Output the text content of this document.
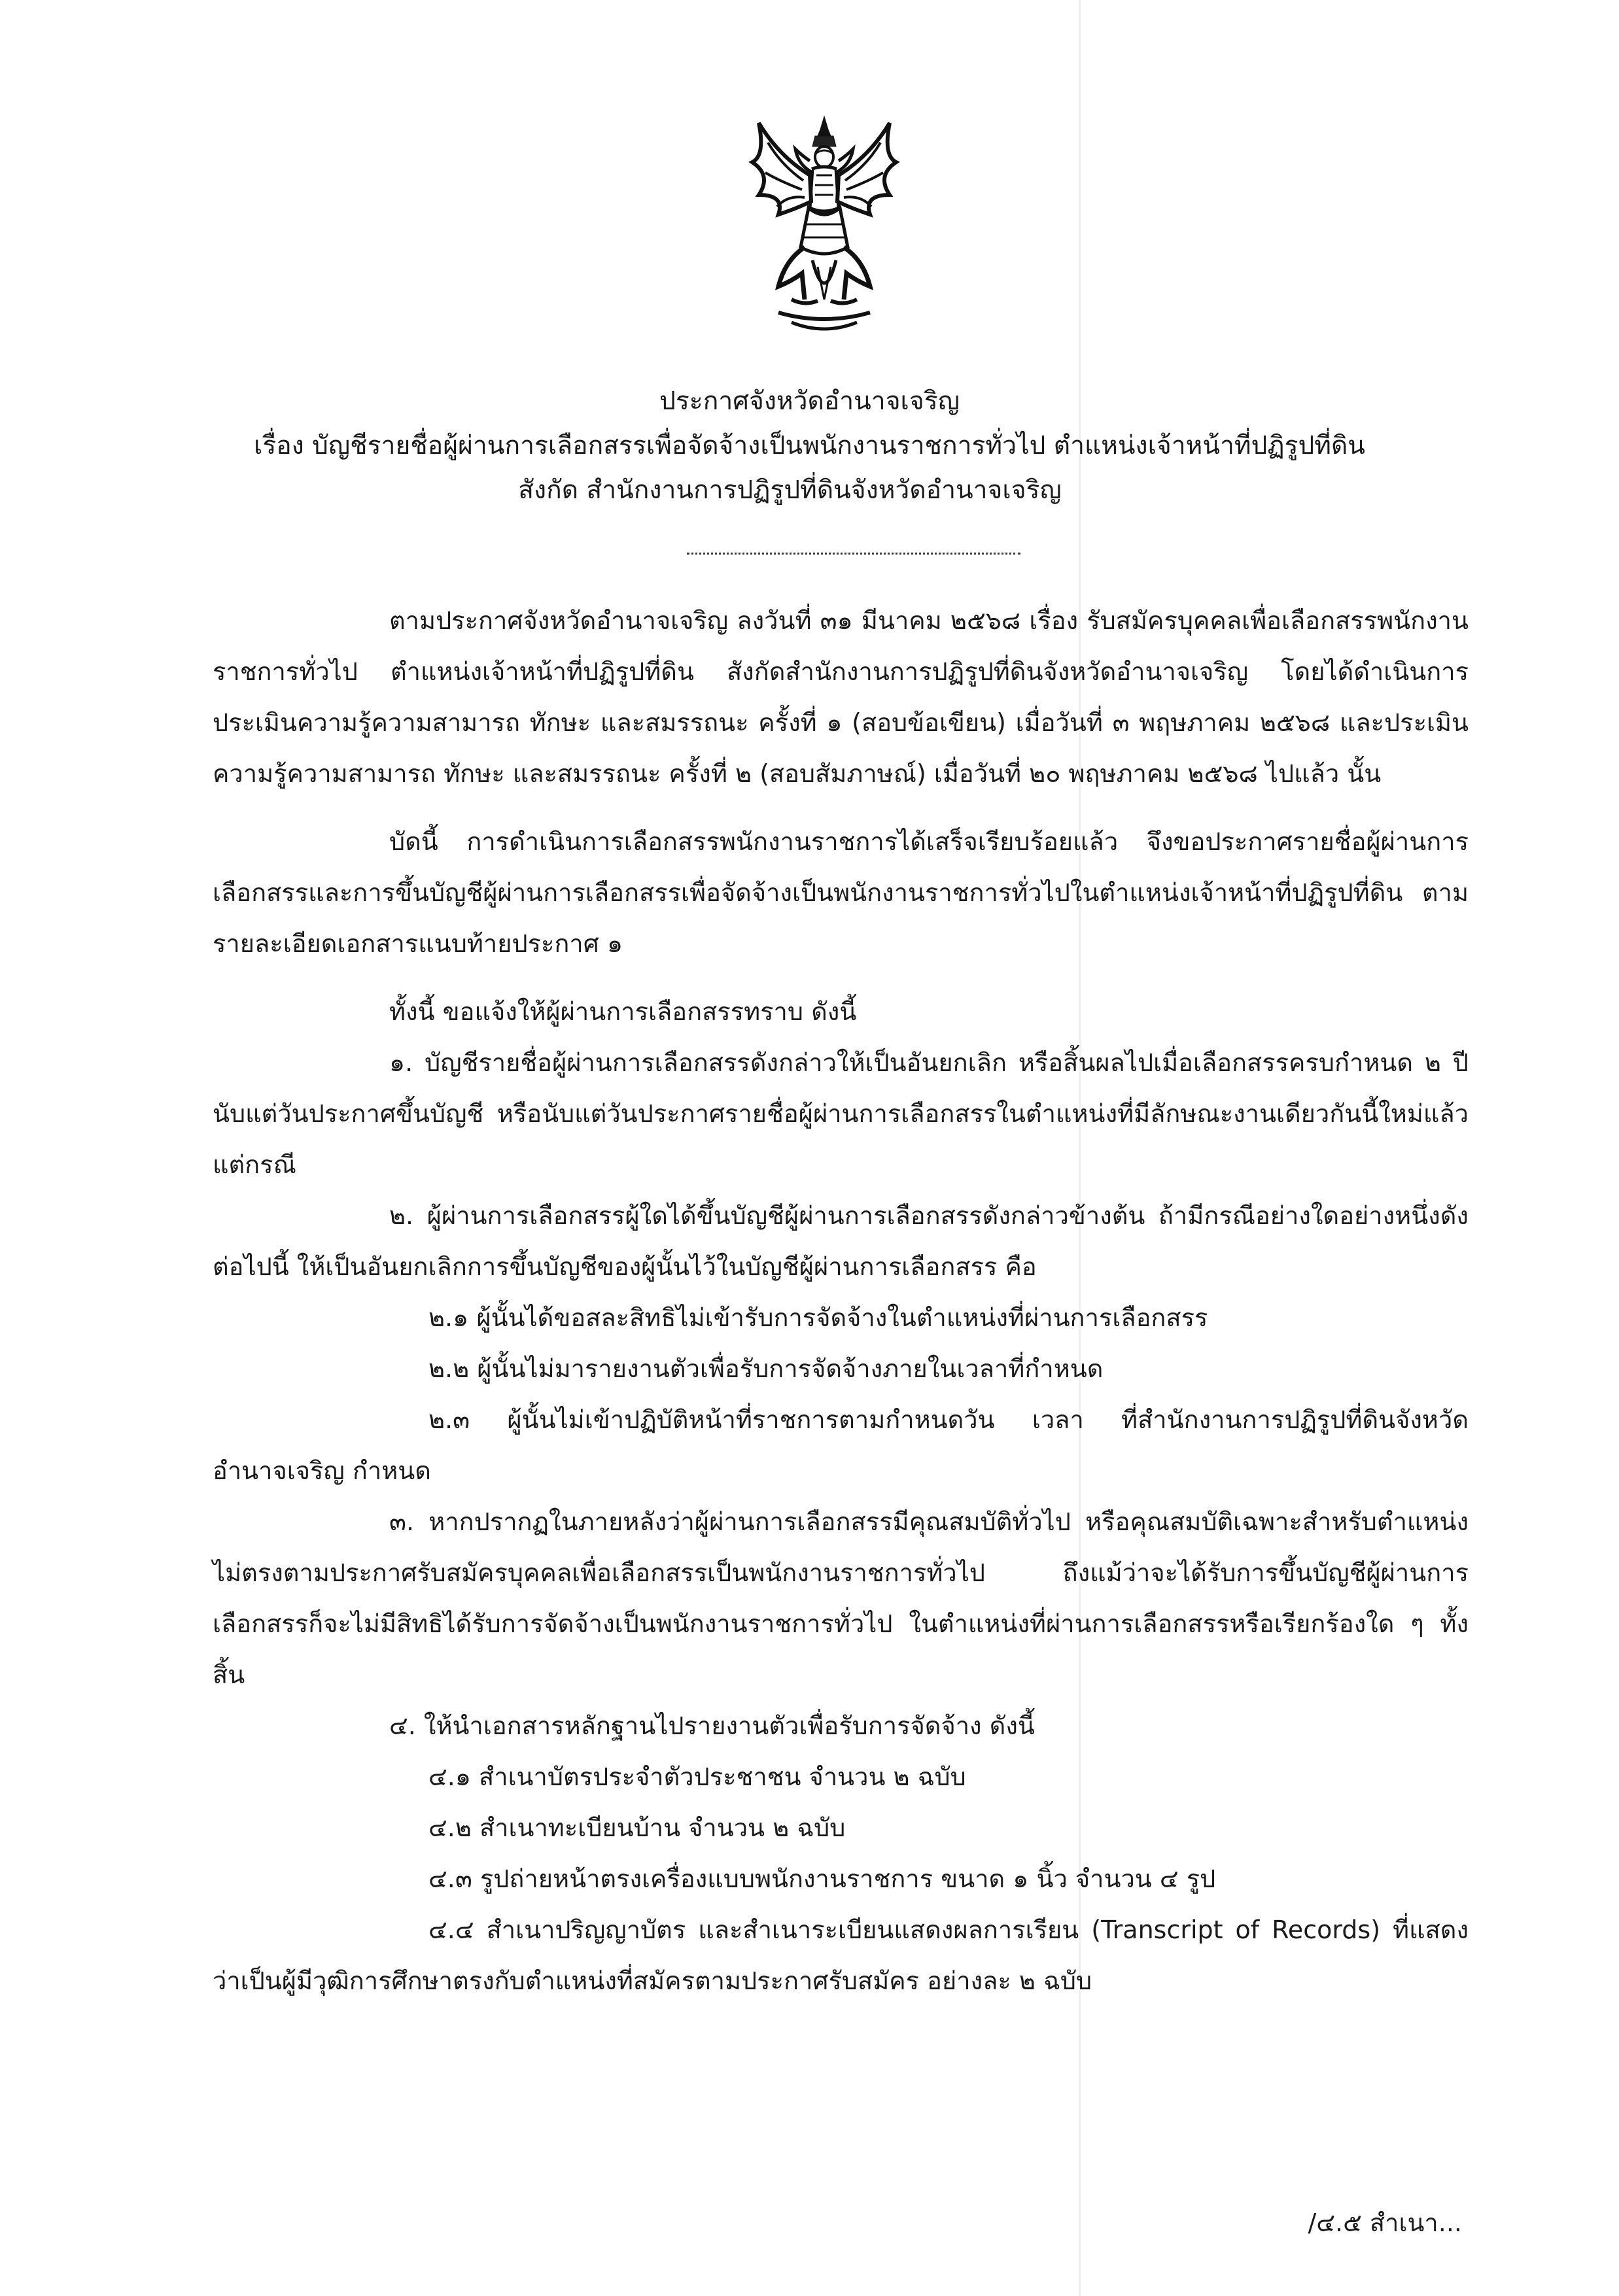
ประกาศจังหวัดอำนาจเจริญ
เรื่อง บัญชีรายชื่อผู้ผ่านการเลือกสรรเพื่อจัดจ้างเป็นพนักงานราชการทั่วไป ตำแหน่งเจ้าหน้าที่ปฏิรูปที่ดิน
สังกัด สำนักงานการปฏิรูปที่ดินจังหวัดอำนาจเจริญ

ตามประกาศจังหวัดอำนาจเจริญ ลงวันที่ ๓๑ มีนาคม ๒๕๖๘ เรื่อง รับสมัครบุคคลเพื่อเลือกสรรพนักงานราชการทั่วไป ตำแหน่งเจ้าหน้าที่ปฏิรูปที่ดิน สังกัดสำนักงานการปฏิรูปที่ดินจังหวัดอำนาจเจริญ โดยได้ดำเนินการประเมินความรู้ความสามารถ ทักษะ และสมรรถนะ ครั้งที่ ๑ (สอบข้อเขียน) เมื่อวันที่ ๓ พฤษภาคม ๒๕๖๘ และประเมินความรู้ความสามารถ ทักษะ และสมรรถนะ ครั้งที่ ๒ (สอบสัมภาษณ์) เมื่อวันที่ ๒๐ พฤษภาคม ๒๕๖๘ ไปแล้ว นั้น

บัดนี้ การดำเนินการเลือกสรรพนักงานราชการได้เสร็จเรียบร้อยแล้ว จึงขอประกาศรายชื่อผู้ผ่านการเลือกสรรและการขึ้นบัญชีผู้ผ่านการเลือกสรรเพื่อจัดจ้างเป็นพนักงานราชการทั่วไปในตำแหน่งเจ้าหน้าที่ปฏิรูปที่ดิน ตามรายละเอียดเอกสารแนบท้ายประกาศ ๑

ทั้งนี้ ขอแจ้งให้ผู้ผ่านการเลือกสรรทราบ ดังนี้

๑. บัญชีรายชื่อผู้ผ่านการเลือกสรรดังกล่าวให้เป็นอันยกเลิก หรือสิ้นผลไปเมื่อเลือกสรรครบกำหนด ๒ ปี นับแต่วันประกาศขึ้นบัญชี หรือนับแต่วันประกาศรายชื่อผู้ผ่านการเลือกสรรในตำแหน่งที่มีลักษณะงานเดียวกันนี้ใหม่แล้วแต่กรณี

๒. ผู้ผ่านการเลือกสรรผู้ใดได้ขึ้นบัญชีผู้ผ่านการเลือกสรรดังกล่าวข้างต้น ถ้ามีกรณีอย่างใดอย่างหนึ่งดังต่อไปนี้ ให้เป็นอันยกเลิกการขึ้นบัญชีของผู้นั้นไว้ในบัญชีผู้ผ่านการเลือกสรร คือ

๒.๑ ผู้นั้นได้ขอสละสิทธิไม่เข้ารับการจัดจ้างในตำแหน่งที่ผ่านการเลือกสรร

๒.๒ ผู้นั้นไม่มารายงานตัวเพื่อรับการจัดจ้างภายในเวลาที่กำหนด

๒.๓ ผู้นั้นไม่เข้าปฏิบัติหน้าที่ราชการตามกำหนดวัน เวลา ที่สำนักงานการปฏิรูปที่ดินจังหวัดอำนาจเจริญ กำหนด

๓. หากปรากฏในภายหลังว่าผู้ผ่านการเลือกสรรมีคุณสมบัติทั่วไป หรือคุณสมบัติเฉพาะสำหรับตำแหน่งไม่ตรงตามประกาศรับสมัครบุคคลเพื่อเลือกสรรเป็นพนักงานราชการทั่วไป ถึงแม้ว่าจะได้รับการขึ้นบัญชีผู้ผ่านการเลือกสรรก็จะไม่มีสิทธิได้รับการจัดจ้างเป็นพนักงานราชการทั่วไป ในตำแหน่งที่ผ่านการเลือกสรรหรือเรียกร้องใด ๆ ทั้งสิ้น

๔. ให้นำเอกสารหลักฐานไปรายงานตัวเพื่อรับการจัดจ้าง ดังนี้

๔.๑ สำเนาบัตรประจำตัวประชาชน จำนวน ๒ ฉบับ

๔.๒ สำเนาทะเบียนบ้าน จำนวน ๒ ฉบับ

๔.๓ รูปถ่ายหน้าตรงเครื่องแบบพนักงานราชการ ขนาด ๑ นิ้ว จำนวน ๔ รูป

๔.๔ สำเนาปริญญาบัตร และสำเนาระเบียนแสดงผลการเรียน (Transcript of Records) ที่แสดงว่าเป็นผู้มีวุฒิการศึกษาตรงกับตำแหน่งที่สมัครตามประกาศรับสมัคร อย่างละ ๒ ฉบับ

/๔.๕ สำเนา...
